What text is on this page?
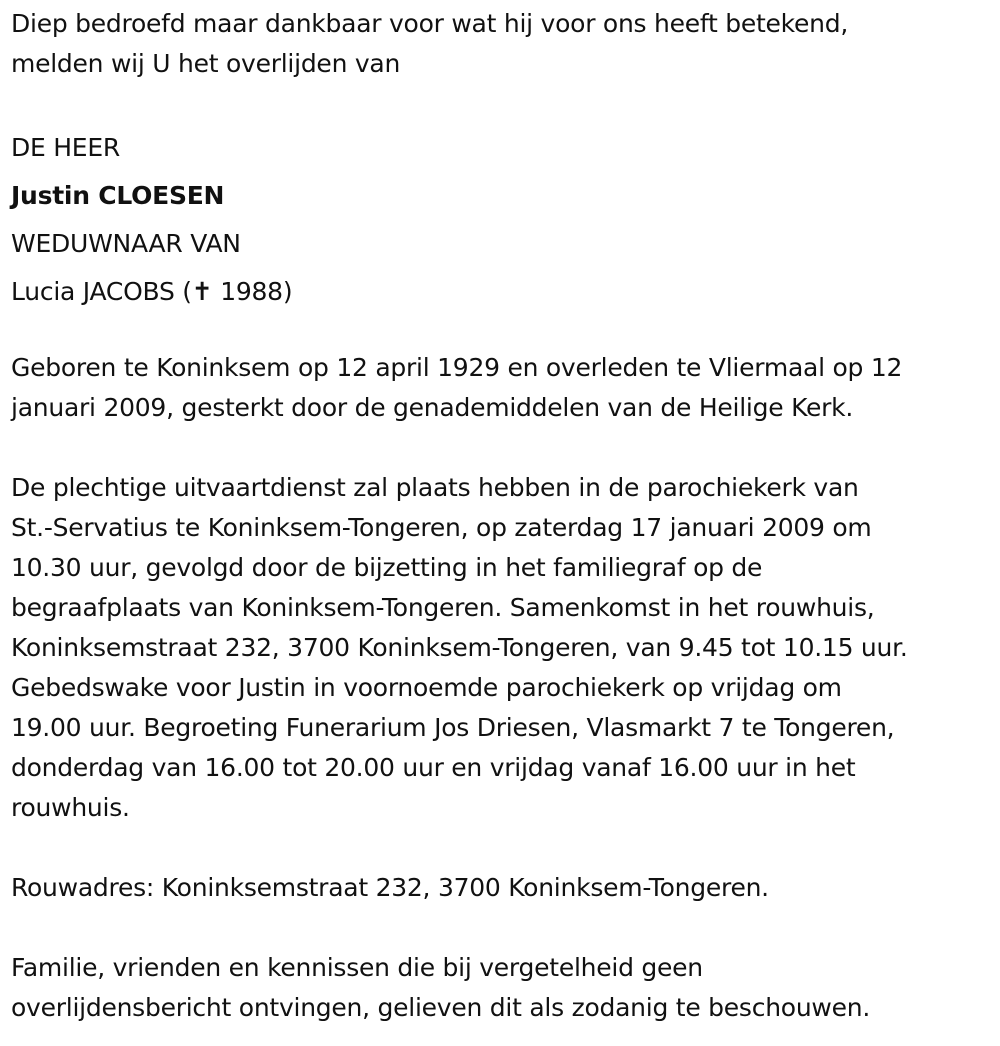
Diep bedroefd maar dankbaar voor wat hij voor ons heeft betekend,
melden wij U het overlijden van
DE HEER
Justin CLOESEN
WEDUWNAAR VAN
Lucia JACOBS (✝ 1988)
Geboren te Koninksem op 12 april 1929 en overleden te Vliermaal op 12
januari 2009, gesterkt door de genademiddelen van de Heilige Kerk.
De plechtige uitvaartdienst zal plaats hebben in de parochiekerk van
St.-Servatius te Koninksem-Tongeren, op zaterdag 17 januari 2009 om
10.30 uur, gevolgd door de bijzetting in het familiegraf op de
begraafplaats van Koninksem-Tongeren. Samenkomst in het rouwhuis,
Koninksemstraat 232, 3700 Koninksem-Tongeren, van 9.45 tot 10.15 uur.
Gebedswake voor Justin in voornoemde parochiekerk op vrijdag om
19.00 uur. Begroeting Funerarium Jos Driesen, Vlasmarkt 7 te Tongeren,
donderdag van 16.00 tot 20.00 uur en vrijdag vanaf 16.00 uur in het
rouwhuis.
Rouwadres: Koninksemstraat 232, 3700 Koninksem-Tongeren.
Familie, vrienden en kennissen die bij vergetelheid geen
overlijdensbericht ontvingen, gelieven dit als zodanig te beschouwen.
